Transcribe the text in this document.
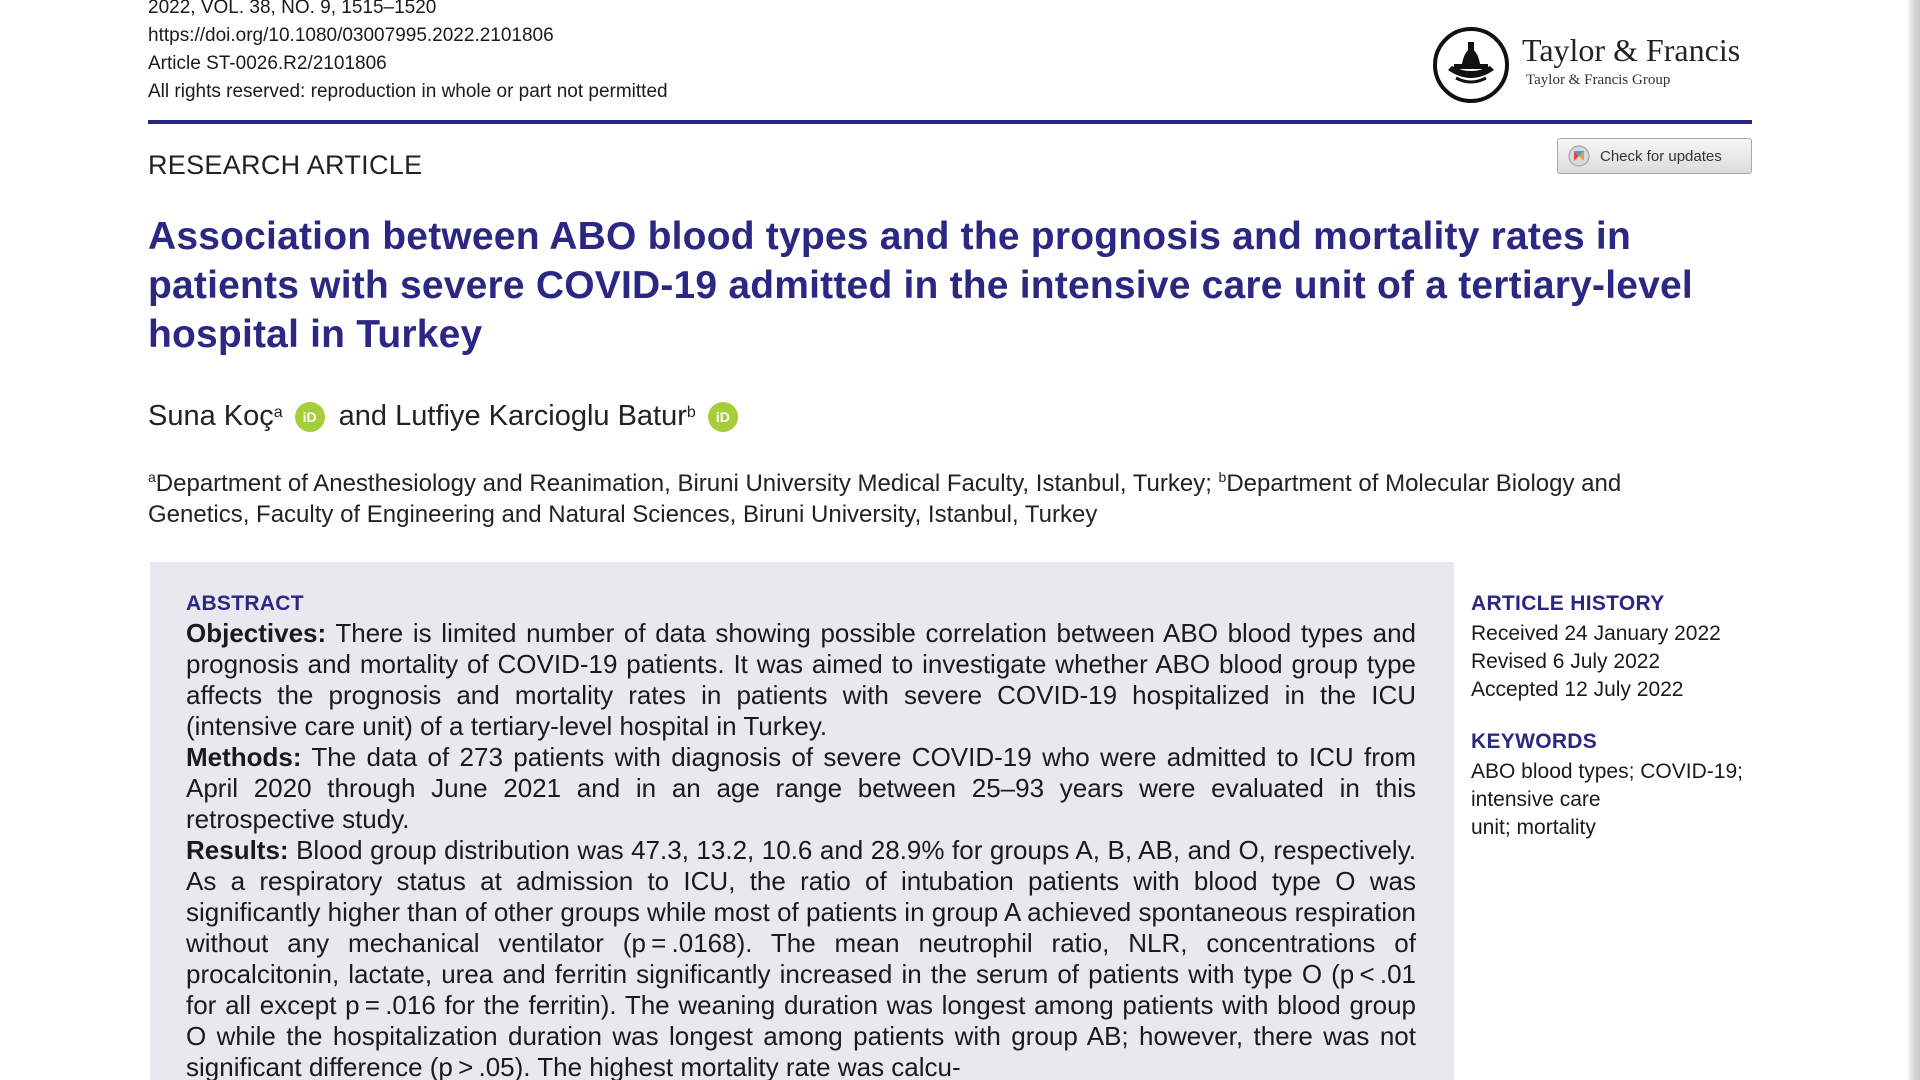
2022, VOL. 38, NO. 9, 1515–1520
https://doi.org/10.1080/03007995.2022.2101806
Article ST-0026.R2/2101806
All rights reserved: reproduction in whole or part not permitted
Taylor & Francis
Taylor & Francis Group
RESEARCH ARTICLE	Check for updates
Association between ABO blood types and the prognosis and mortality rates in patients with severe COVID-19 admitted in the intensive care unit of a tertiary-level hospital in Turkey
Suna Koç$^a$	iD and
Lutfiye Karcioglu Batur$^b$	iD
$^a$Department of Anesthesiology and Reanimation, Biruni University Medical Faculty, Istanbul, Turkey; $^b$Department of Molecular Biology and Genetics, Faculty of Engineering and Natural Sciences, Biruni University, Istanbul, Turkey
ABSTRACT

Objectives: There is limited number of data showing possible correlation between ABO blood types and prognosis and mortality of COVID-19 patients. It was aimed to investigate whether ABO blood group type affects the prognosis and mortality rates in patients with severe COVID-19 hospitalized in the ICU (intensive care unit) of a tertiary-level hospital in Turkey.

Methods: The data of 273 patients with diagnosis of severe COVID-19 who were admitted to ICU from April 2020 through June 2021 and in an age range between 25–93 years were evaluated in this retrospective study.

Results: Blood group distribution was 47.3, 13.2, 10.6 and 28.9% for groups A, B, AB, and O, respectively. As a respiratory status at admission to ICU, the ratio of intubation patients with blood type O was significantly higher than of other groups while most of patients in group A achieved spontaneous respiration without any mechanical ventilator (p = .0168). The mean neutrophil ratio, NLR, concentrations of procalcitonin, lactate, urea and ferritin significantly increased in the serum of patients with type O (p < .01 for all except p = .016 for the ferritin). The weaning duration was longest among patients with blood group O while the hospitalization duration was longest among patients with group AB; however, there was not significant difference (p > .05). The highest mortality rate was calcu-

ARTICLE HISTORY
Received 24 January 2022
Revised 6 July 2022
Accepted 12 July 2022
KEYWORDS
ABO blood types; COVID-19;
intensive care
unit; mortality
